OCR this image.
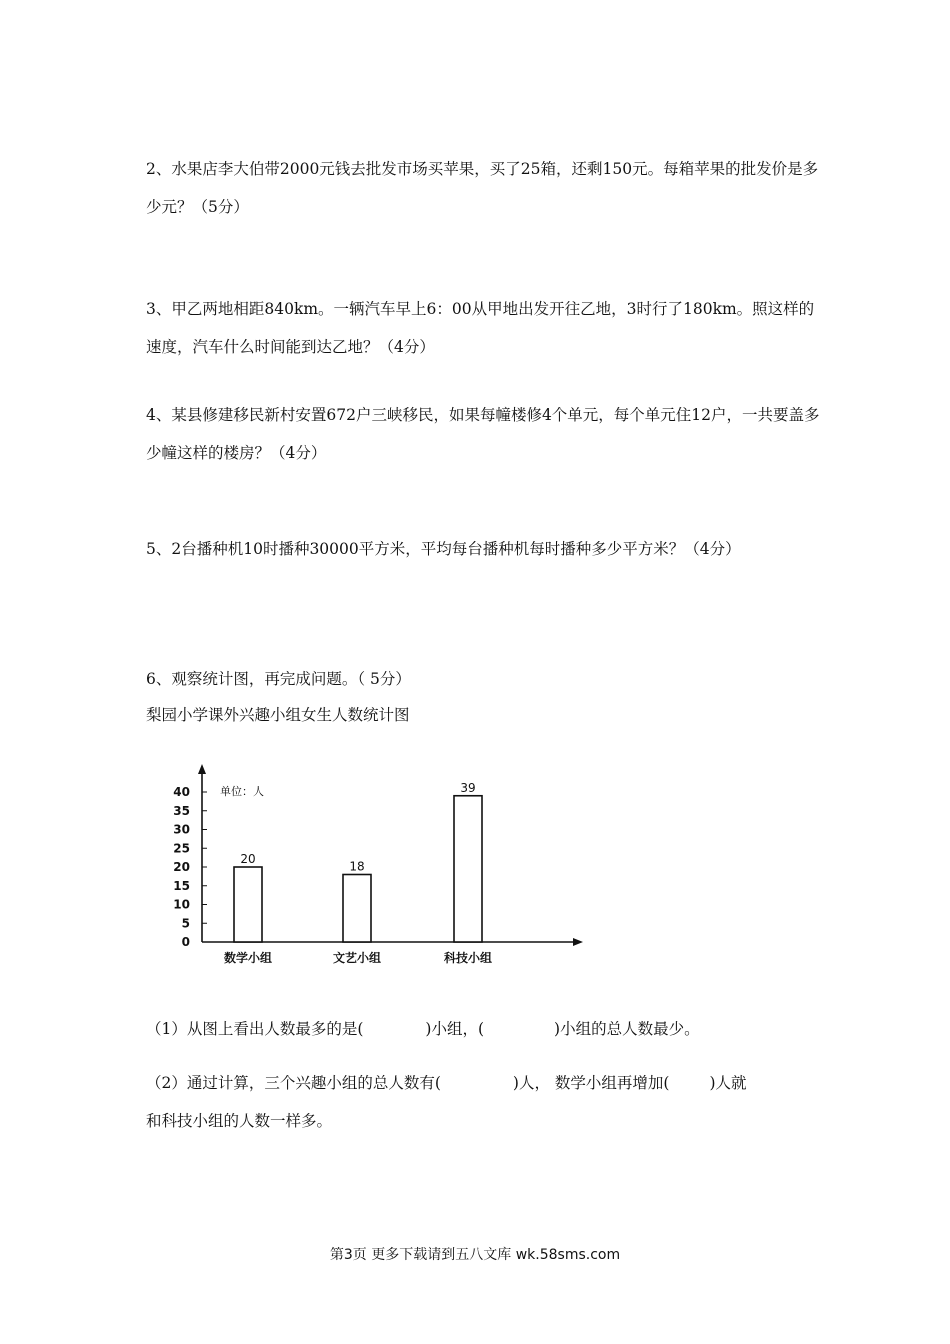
2、水果店李大伯带2000元钱去批发市场买苹果，买了25箱，还剩150元。每箱苹果的批发价是多少元？（5分）

3、甲乙两地相距840km。一辆汽车早上6：00从甲地出发开往乙地，3时行了180km。照这样的速度，汽车什么时间能到达乙地？（4分）

4、某县修建移民新村安置672户三峡移民，如果每幢楼修4个单元，每个单元住12户，一共要盖多少幢这样的楼房？（4分）

5、2台播种机10时播种30000平方米，平均每台播种机每时播种多少平方米？（4分）

6、观察统计图，再完成问题。（ 5分）

梨园小学课外兴趣小组女生人数统计图

0
5
10
15
20
25
30
35
40	单位：人
20
数学小组
18
文艺小组
39
科技小组

（1）从图上看出人数最多的是(	)小组，(	)小组的总人数最少。

（2）通过计算，三个兴趣小组的总人数有(	)人， 数学小组再增加(	)人就
和科技小组的人数一样多。

第3页 更多下载请到五八文库 wk.58sms.com
